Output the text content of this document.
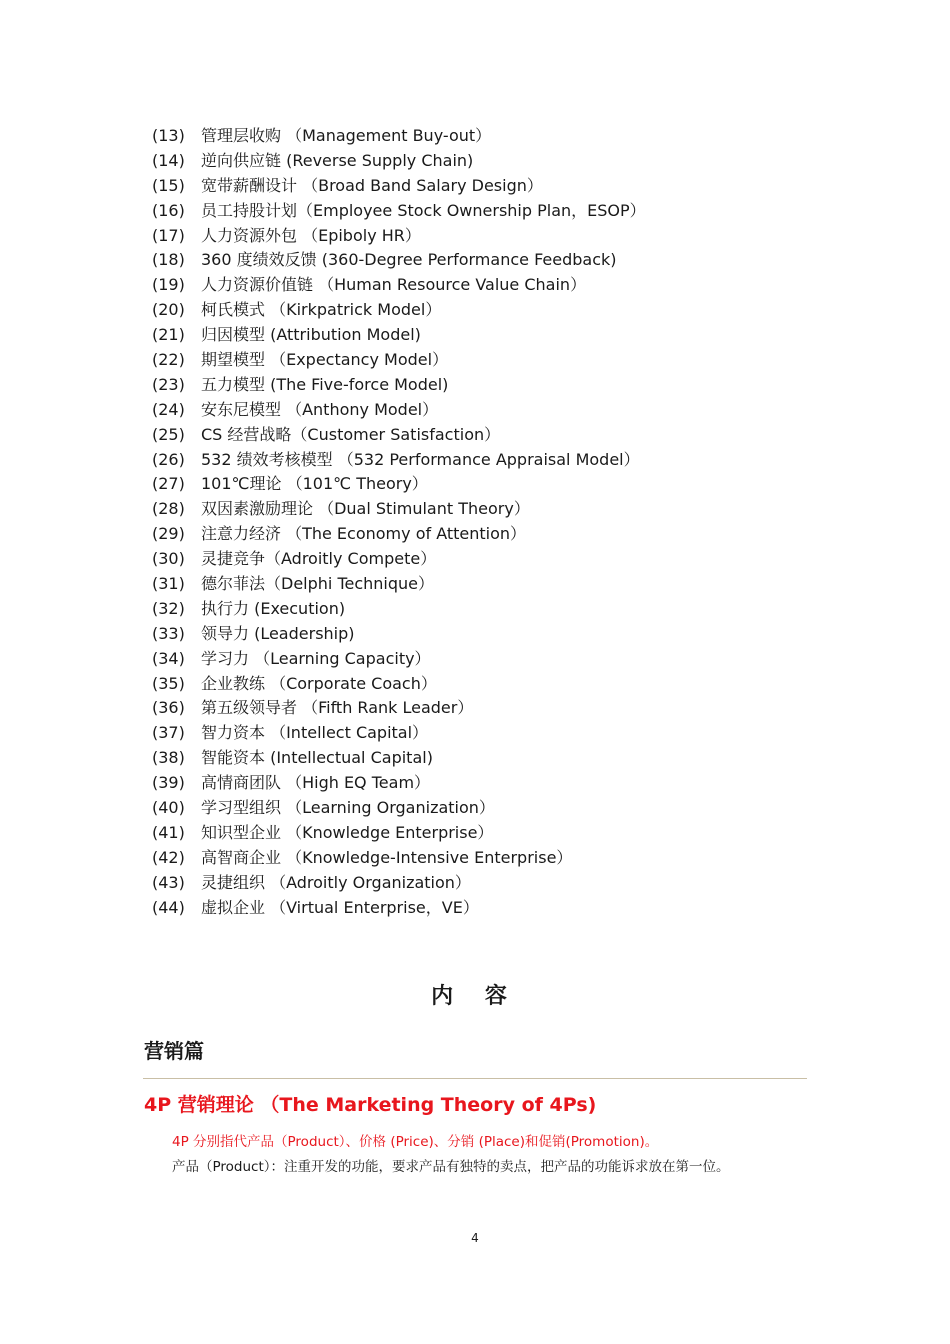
(13)	管理层收购 （Management Buy-out）
(14)	逆向供应链 (Reverse Supply Chain)
(15)	宽带薪酬设计 （Broad Band Salary Design）
(16)	员工持股计划（Employee Stock Ownership Plan，ESOP）
(17)	人力资源外包 （Epiboly HR）
(18)	360 度绩效反馈 (360-Degree Performance Feedback)
(19)	人力资源价值链 （Human Resource Value Chain）
(20)	柯氏模式 （Kirkpatrick Model）
(21)	归因模型 (Attribution Model)
(22)	期望模型 （Expectancy Model）
(23)	五力模型 (The Five-force Model)
(24)	安东尼模型 （Anthony Model）
(25)	CS 经营战略（Customer Satisfaction）
(26)	532 绩效考核模型 （532 Performance Appraisal Model）
(27)	101℃理论 （101℃ Theory）
(28)	双因素激励理论 （Dual Stimulant Theory）
(29)	注意力经济 （The Economy of Attention）
(30)	灵捷竞争（Adroitly Compete）
(31)	德尔菲法（Delphi Technique）
(32)	执行力 (Execution)
(33)	领导力 (Leadership)
(34)	学习力 （Learning Capacity）
(35)	企业教练 （Corporate Coach）
(36)	第五级领导者 （Fifth Rank Leader）
(37)	智力资本 （Intellect Capital）
(38)	智能资本 (Intellectual Capital)
(39)	高情商团队 （High EQ Team）
(40)	学习型组织 （Learning Organization）
(41)	知识型企业 （Knowledge Enterprise）
(42)	高智商企业 （Knowledge-Intensive Enterprise）
(43)	灵捷组织 （Adroitly Organization）
(44)	虚拟企业 （Virtual Enterprise，VE）
内 容
营销篇
4P 营销理论 （The Marketing Theory of 4Ps)

4P 分别指代产品（Product）、价格 (Price)、分销 (Place)和促销(Promotion)。

产品（Product）：注重开发的功能，要求产品有独特的卖点，把产品的功能诉求放在第一位。

4
